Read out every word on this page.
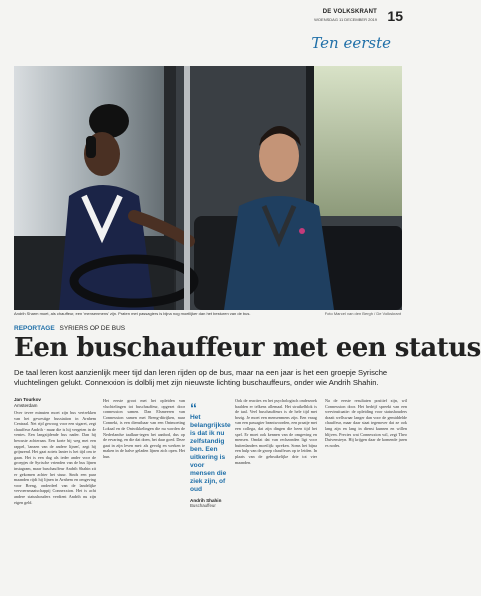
DE VOLKSKRANT
WOENSDAG 11 DECEMBER 2019 15
Ten eerste
Andrih Sharm moet, als chauffeur, een 'mensenmens' zijn. Praten met passagiers is bijna nog moeilijker dan het besturen van de bus.	Foto Marcel van den Bergh / De Volkskrant
REPORTAGE SYRIERS OP DE BUS
Een buschauffeur met een status
De taal leren kost aanzienlijk meer tijd dan leren rijden op de bus, maar na een jaar is het een groepje Syrische vluchtelingen gelukt. Connexxion is dolblij met zijn nieuwste lichting buschauffeurs, onder wie Andrih Shahin.
Jan Tourkov
Amsterdam
Over tevee minuten moet zijn bus vertrekken van het gewestige busstation in Arnhem Centraal. Net rijd gewoog voor een sigaret, zegt chauffeur Andrih - maar die is hij vergeten in de ventes. Een langzijdende bus nader. Dan hij bewuste achteraan. Een korte bij weg met een rappel, 'tanzen van de andere lijnen', zegt hij grijnzend. Het gaat zoiets lanter is het tijd om te gaan. Het is een dag als ieder ander voor de groepjes de Syrische vrienden van de bus lijnen instagram, maar buschauffeur Andrih Shahin zit er gekomen achter het stuur. Sinds een paar maanden rijdt hij lijnen in Arnhem en omgeving voor Breng, onderdeel van de landelijke vervoersmaatschappij Connexxion. Het is acht andere statushouders verdient Andrih nu zijn eigen geld.
Het eerste groot met het opleiden van vluchtelingen tot buschauffeur, opgezet door connexxion samen. Dan Elsmeeren van Connexxion samen met Breng-ditrijken, naar Connekt, is een dienstbaar van een Ontmoeting Lokaal en de Ontwikkelingen die nu worden de Nederlandse taalkun-tegen het aanbod, dus op de ervaring, en die dat doen, het daar goed. Deze gaat in zijn leven met: als gevolg en werken te maken in de halve geladen lijnen zich open. Het hun.
“
Het belangrijkste is dat ik nu zelfstandig ben. Een uitkering is voor mensen die ziek zijn, of oud
Andrih Shahin
Buschauffeur
Ook de reacties en het psychologisch onderzoek baalden er telkens allemaal. Het struikelblok is de taal. Veel buschauffeurs is de hele tijd met bezig. Je moet een mensenmens zijn. Een vraag van een passagier beantwoorden, een praatje met een collega, dat zijn dingen die heen tijd het spel. Er moet ook kennen van de omgeving en mensen. Omdat dat van rechzonden ligt voor buitenlanders moeilijk: spreken. Soms het bijna een hulp van de groep chauffeurs op te leiden. In plaats van de gebruikelijke drie tot vier maanden.
Na de eerste resultaten positief zijn, wil Connexxion door. Het bedrijf spreekt van een wervinsituatie: de opleiding voor statushouders draait wellswaar langer dan voor de gemiddelde chauffeur, maar daar staat tegenover dat ze ook lang zijn en lang in dienst kunnen en willen blijven. Precies wat Connexxion wil, zegt Theo Duivensteyn. Hij krijgen daar de komende jaren es nodes.
